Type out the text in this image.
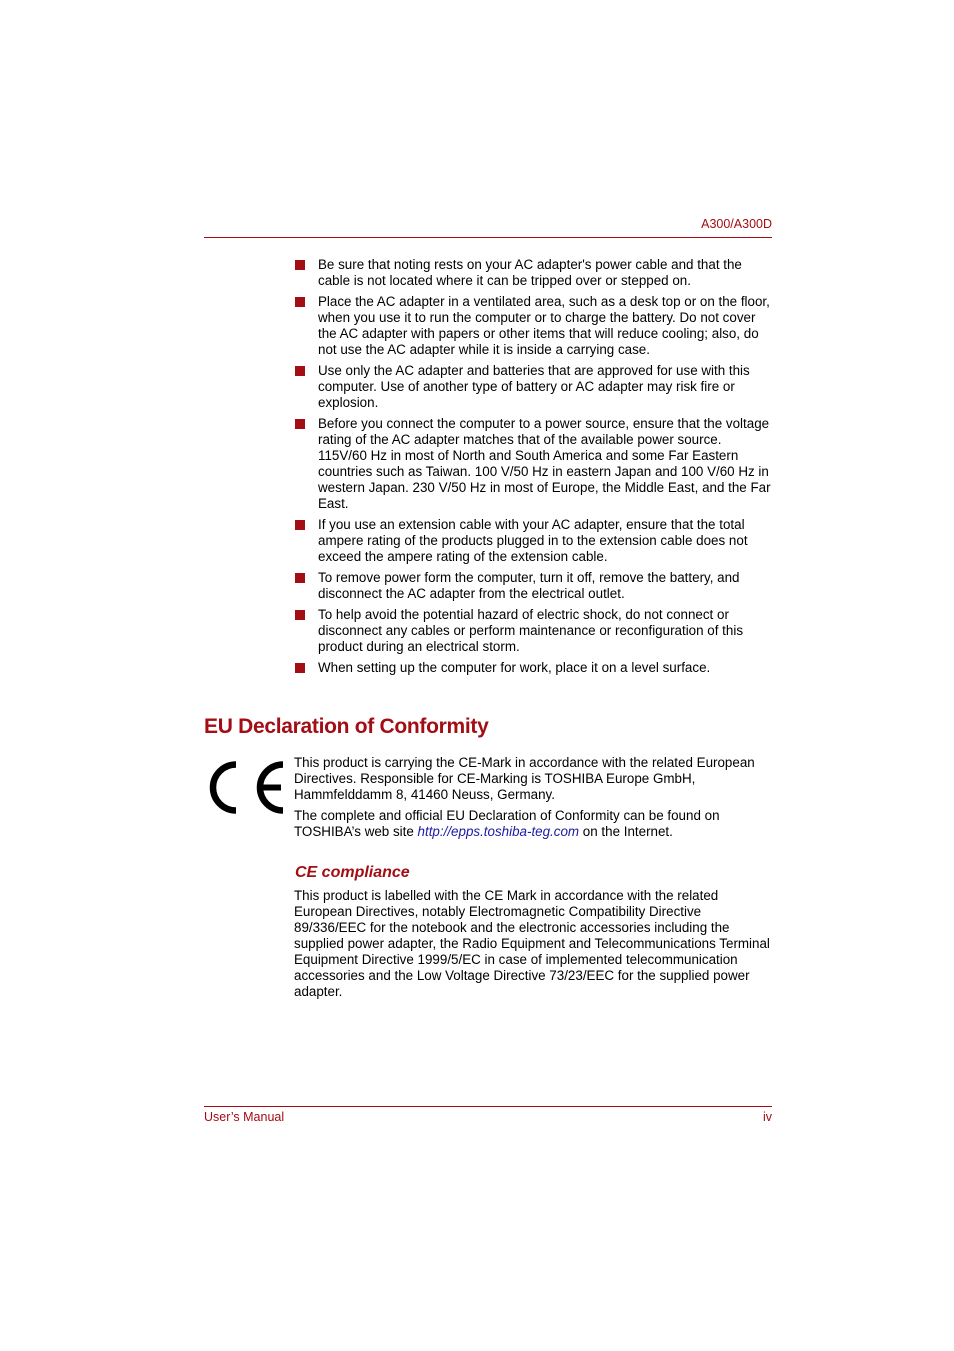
A300/A300D
Be sure that noting rests on your AC adapter's power cable and that the cable is not located where it can be tripped over or stepped on.
Place the AC adapter in a ventilated area, such as a desk top or on the floor, when you use it to run the computer or to charge the battery. Do not cover the AC adapter with papers or other items that will reduce cooling; also, do not use the AC adapter while it is inside a carrying case.
Use only the AC adapter and batteries that are approved for use with this computer. Use of another type of battery or AC adapter may risk fire or explosion.
Before you connect the computer to a power source, ensure that the voltage rating of the AC adapter matches that of the available power source. 115V/60 Hz in most of North and South America and some Far Eastern countries such as Taiwan. 100 V/50 Hz in eastern Japan and 100 V/60 Hz in western Japan. 230 V/50 Hz in most of Europe, the Middle East, and the Far East.
If you use an extension cable with your AC adapter, ensure that the total ampere rating of the products plugged in to the extension cable does not exceed the ampere rating of the extension cable.
To remove power form the computer, turn it off, remove the battery, and disconnect the AC adapter from the electrical outlet.
To help avoid the potential hazard of electric shock, do not connect or disconnect any cables or perform maintenance or reconfiguration of this product during an electrical storm.
When setting up the computer for work, place it on a level surface.
EU Declaration of Conformity

This product is carrying the CE-Mark in accordance with the related European Directives. Responsible for CE-Marking is TOSHIBA Europe GmbH, Hammfelddamm 8, 41460 Neuss, Germany.

The complete and official EU Declaration of Conformity can be found on TOSHIBA’s web site http://epps.toshiba-teg.com on the Internet.

CE compliance

This product is labelled with the CE Mark in accordance with the related European Directives, notably Electromagnetic Compatibility Directive 89/336/EEC for the notebook and the electronic accessories including the supplied power adapter, the Radio Equipment and Telecommunications Terminal Equipment Directive 1999/5/EC in case of implemented telecommunication accessories and the Low Voltage Directive 73/23/EEC for the supplied power adapter.

User’s Manual	iv
